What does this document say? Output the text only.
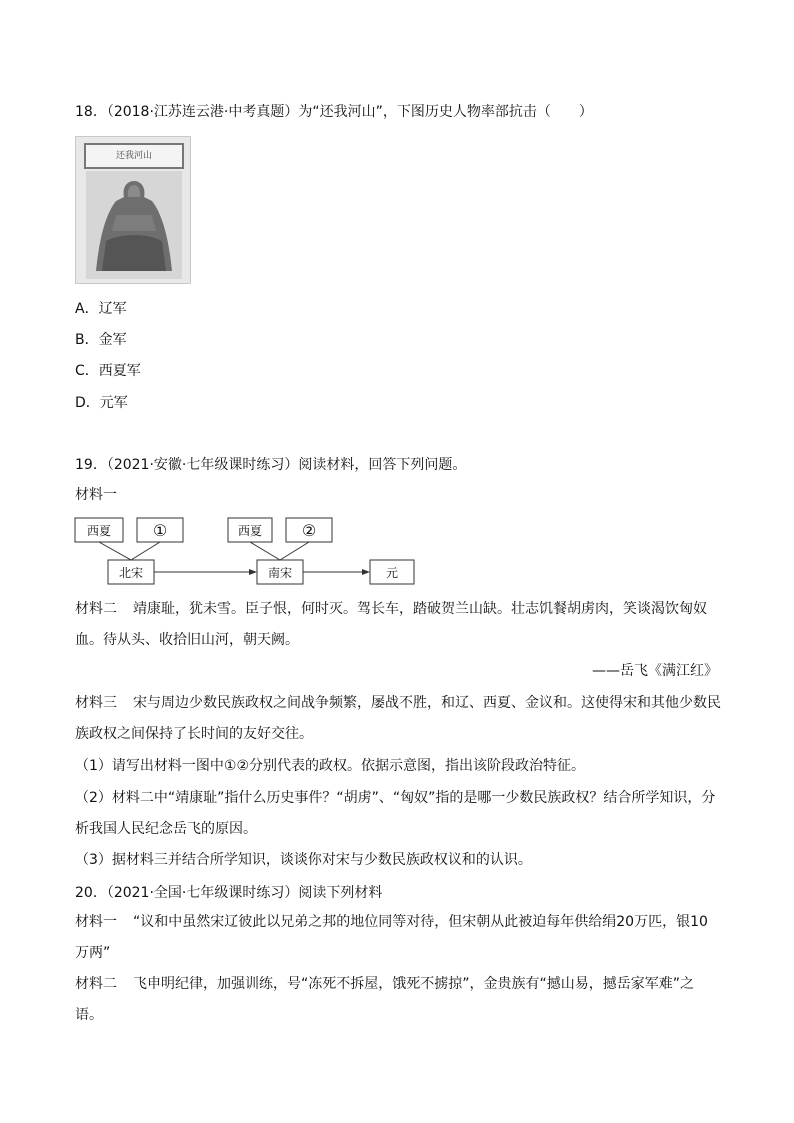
18．（2018·江苏连云港·中考真题）为“还我河山”，下图历史人物率部抗击（　　）
还我河山
A．辽军
B．金军
C．西夏军
D．元军
19．（2021·安徽·七年级课时练习）阅读材料，回答下列问题。
材料一
西夏	①	西夏 ②
北宋	南宋	元
材料二 靖康耻，犹未雪。臣子恨，何时灭。驾长车，踏破贺兰山缺。壮志饥餐胡虏肉，笑谈渴饮匈奴血。待从头、收拾旧山河，朝天阙。
——岳飞《满江红》
材料三 宋与周边少数民族政权之间战争频繁，屡战不胜，和辽、西夏、金议和。这使得宋和其他少数民族政权之间保持了长时间的友好交往。
（1）请写出材料一图中①②分别代表的政权。依据示意图，指出该阶段政治特征。
（2）材料二中“靖康耻”指什么历史事件？“胡虏”、“匈奴”指的是哪一少数民族政权？结合所学知识，分析我国人民纪念岳飞的原因。
（3）据材料三并结合所学知识，谈谈你对宋与少数民族政权议和的认识。
20．（2021·全国·七年级课时练习）阅读下列材料
材料一 “议和中虽然宋辽彼此以兄弟之邦的地位同等对待，但宋朝从此被迫每年供给绢20万匹，银10万两”
材料二 飞申明纪律，加强训练，号“冻死不拆屋，饿死不掳掠”，金贵族有“撼山易，撼岳家军难”之语。
